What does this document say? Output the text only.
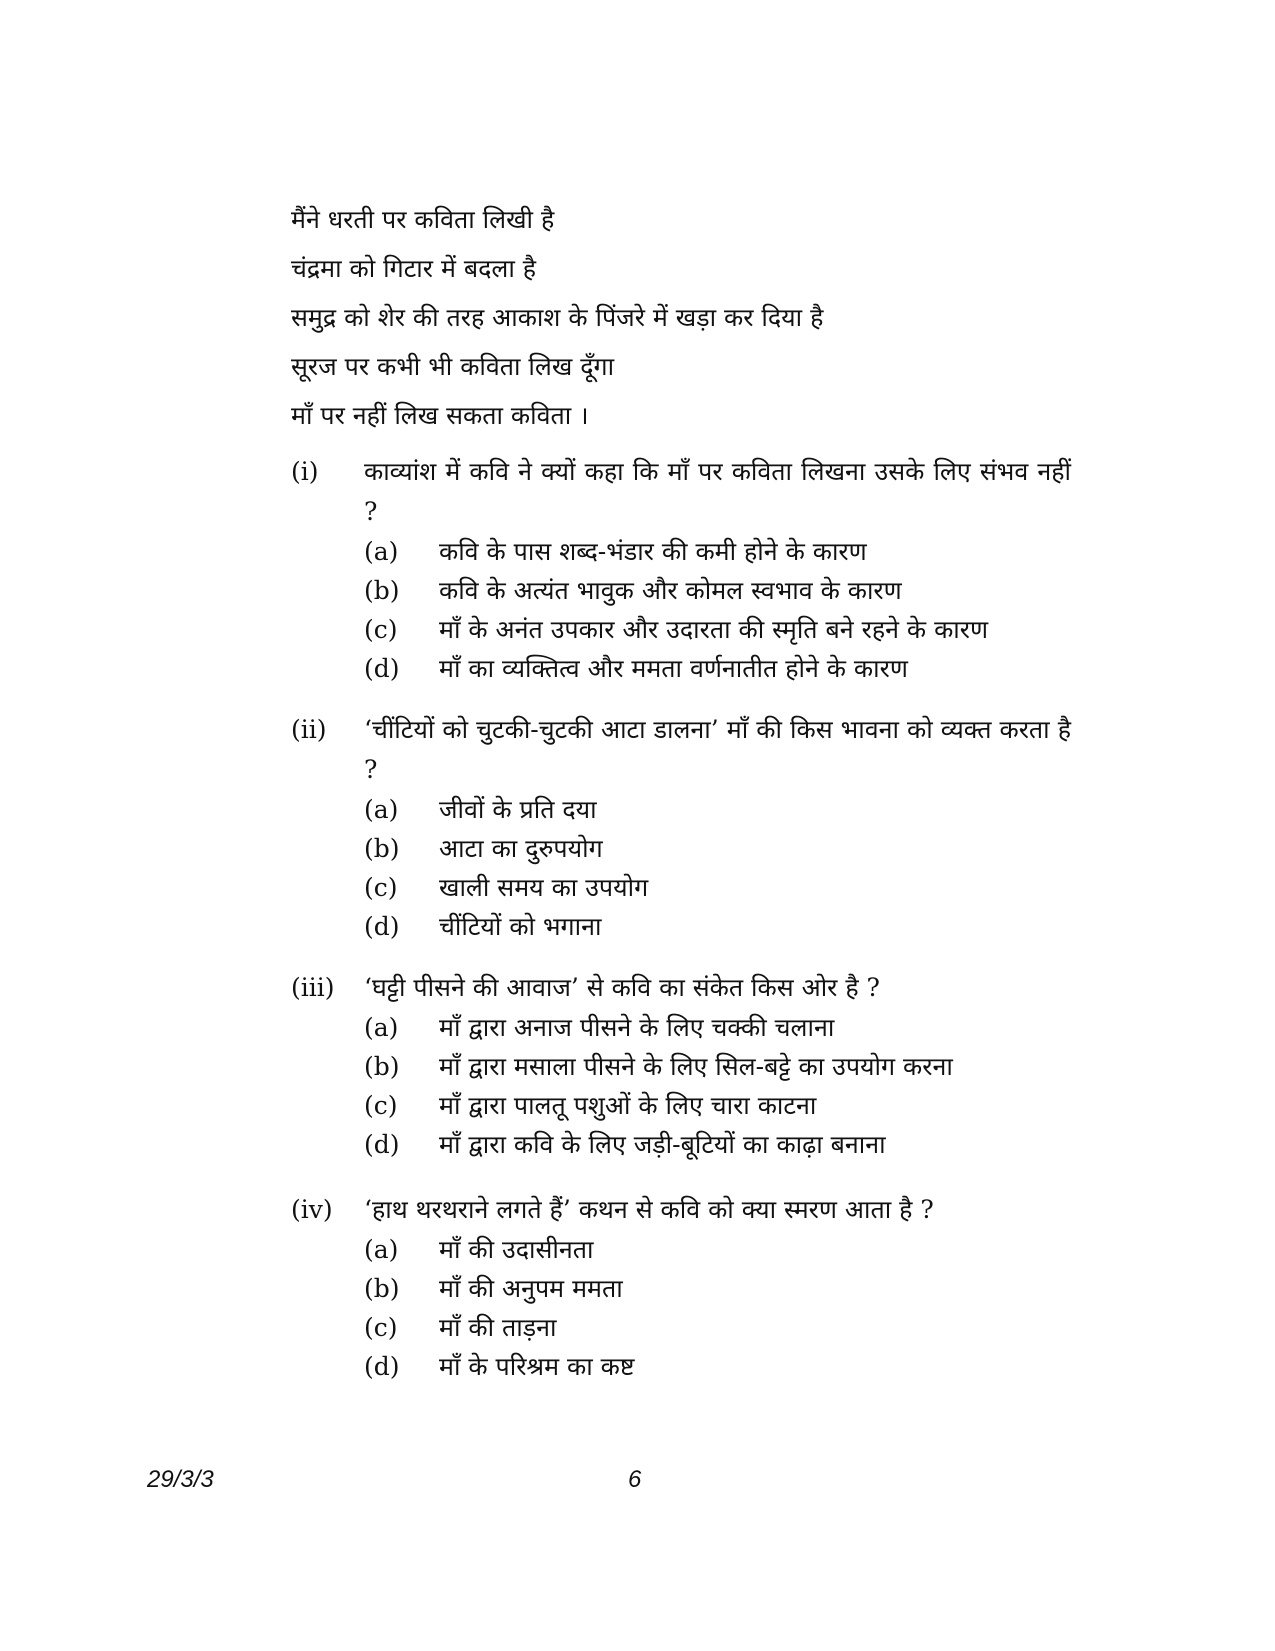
मैंने धरती पर कविता लिखी है
चंद्रमा को गिटार में बदला है
समुद्र को शेर की तरह आकाश के पिंजरे में खड़ा कर दिया है
सूरज पर कभी भी कविता लिख दूँगा
माँ पर नहीं लिख सकता कविता ।
(i)	काव्यांश में कवि ने क्यों कहा कि माँ पर कविता लिखना उसके लिए संभव नहीं ?
(a) कवि के पास शब्द-भंडार की कमी होने के कारण
(b) कवि के अत्यंत भावुक और कोमल स्वभाव के कारण
(c) माँ के अनंत उपकार और उदारता की स्मृति बने रहने के कारण
(d) माँ का व्यक्तित्व और ममता वर्णनातीत होने के कारण
(ii)	‘चींटियों को चुटकी-चुटकी आटा डालना’ माँ की किस भावना को व्यक्त करता है ?
(a) जीवों के प्रति दया
(b) आटा का दुरुपयोग
(c) खाली समय का उपयोग
(d) चींटियों को भगाना
(iii)	‘घट्टी पीसने की आवाज’ से कवि का संकेत किस ओर है ?
(a) माँ द्वारा अनाज पीसने के लिए चक्की चलाना
(b) माँ द्वारा मसाला पीसने के लिए सिल-बट्टे का उपयोग करना
(c) माँ द्वारा पालतू पशुओं के लिए चारा काटना
(d) माँ द्वारा कवि के लिए जड़ी-बूटियों का काढ़ा बनाना
(iv)	‘हाथ थरथराने लगते हैं’ कथन से कवि को क्या स्मरण आता है ?
(a) माँ की उदासीनता
(b) माँ की अनुपम ममता
(c) माँ की ताड़ना
(d) माँ के परिश्रम का कष्ट
29/3/3	6
